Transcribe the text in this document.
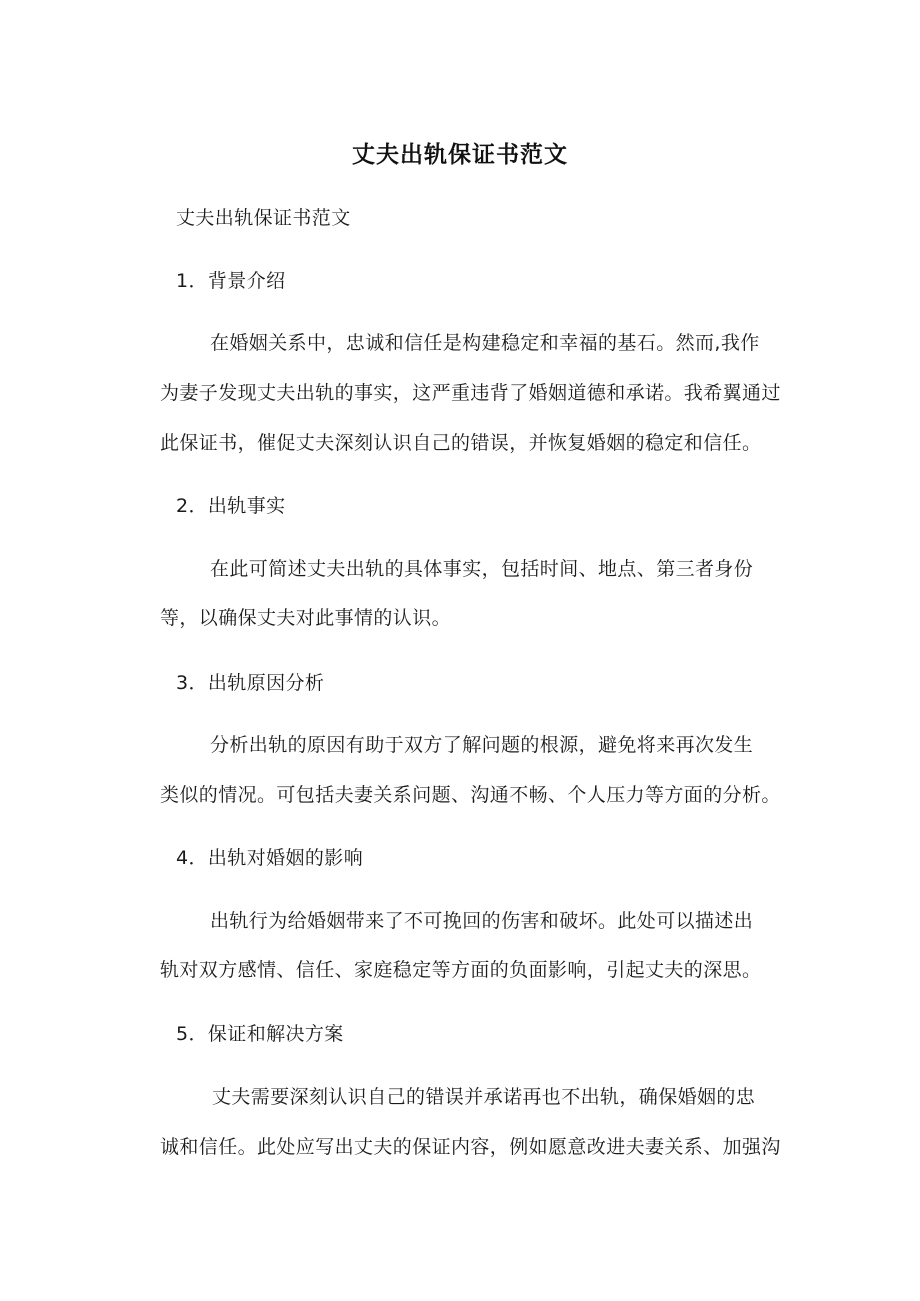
丈夫出轨保证书范文
丈夫出轨保证书范文
1．背景介绍
在婚姻关系中，忠诚和信任是构建稳定和幸福的基石。然而,我作
为妻子发现丈夫出轨的事实，这严重违背了婚姻道德和承诺。我希翼通过
此保证书，催促丈夫深刻认识自己的错误，并恢复婚姻的稳定和信任。
2．出轨事实
在此可简述丈夫出轨的具体事实，包括时间、地点、第三者身份
等，以确保丈夫对此事情的认识。
3．出轨原因分析
分析出轨的原因有助于双方了解问题的根源，避免将来再次发生
类似的情况。可包括夫妻关系问题、沟通不畅、个人压力等方面的分析。
4．出轨对婚姻的影响
出轨行为给婚姻带来了不可挽回的伤害和破坏。此处可以描述出
轨对双方感情、信任、家庭稳定等方面的负面影响，引起丈夫的深思。
5．保证和解决方案
丈夫需要深刻认识自己的错误并承诺再也不出轨，确保婚姻的忠
诚和信任。此处应写出丈夫的保证内容，例如愿意改进夫妻关系、加强沟
